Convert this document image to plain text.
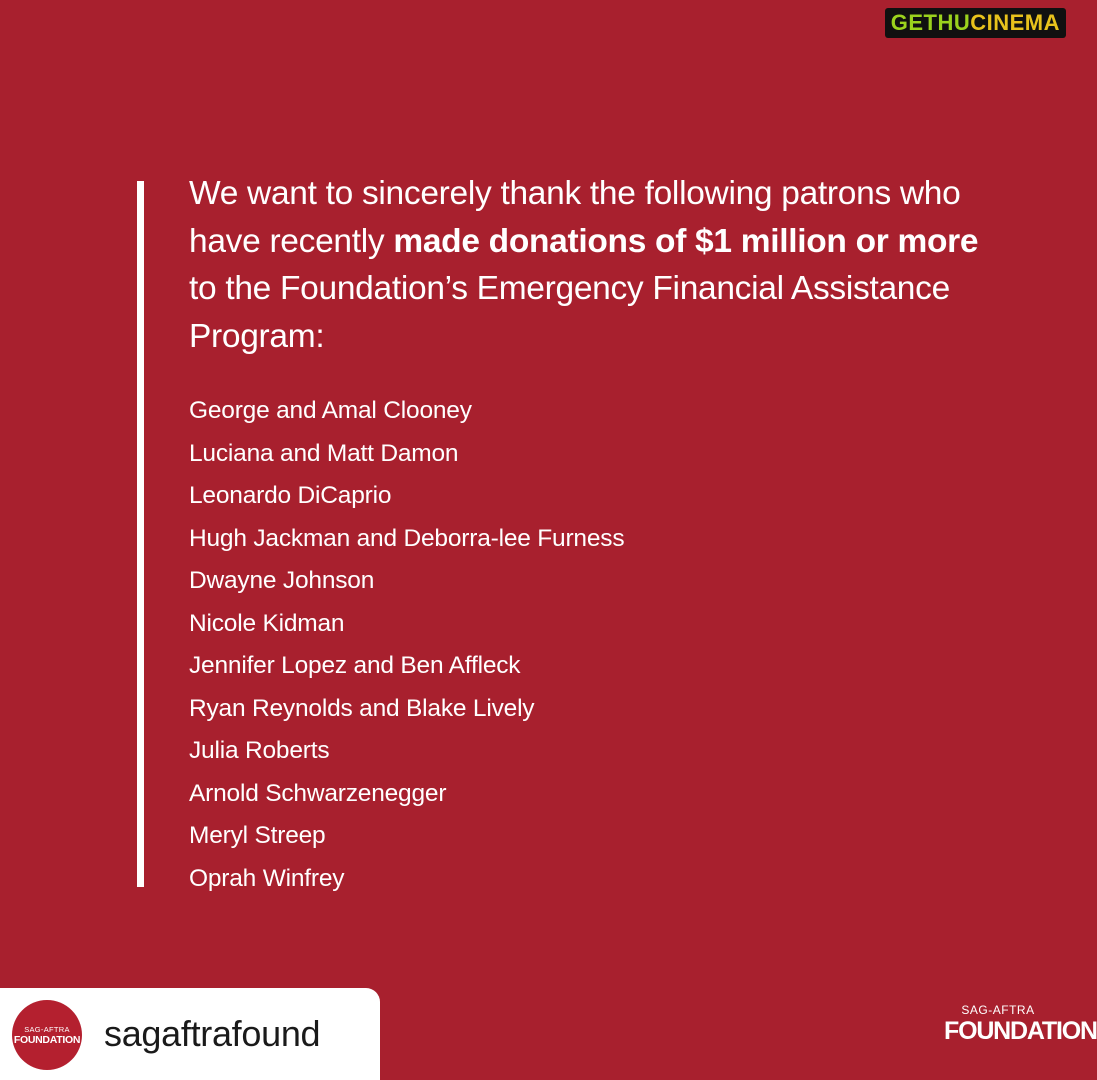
GETHU CINEMA
We want to sincerely thank the following patrons who have recently made donations of $1 million or more to the Foundation’s Emergency Financial Assistance Program:
George and Amal Clooney
Luciana and Matt Damon
Leonardo DiCaprio
Hugh Jackman and Deborra-lee Furness
Dwayne Johnson
Nicole Kidman
Jennifer Lopez and Ben Affleck
Ryan Reynolds and Blake Lively
Julia Roberts
Arnold Schwarzenegger
Meryl Streep
Oprah Winfrey
SAG-AFTRA
FOUNDATION sagaftrafound
SAG-AFTRA
FOUNDATION
